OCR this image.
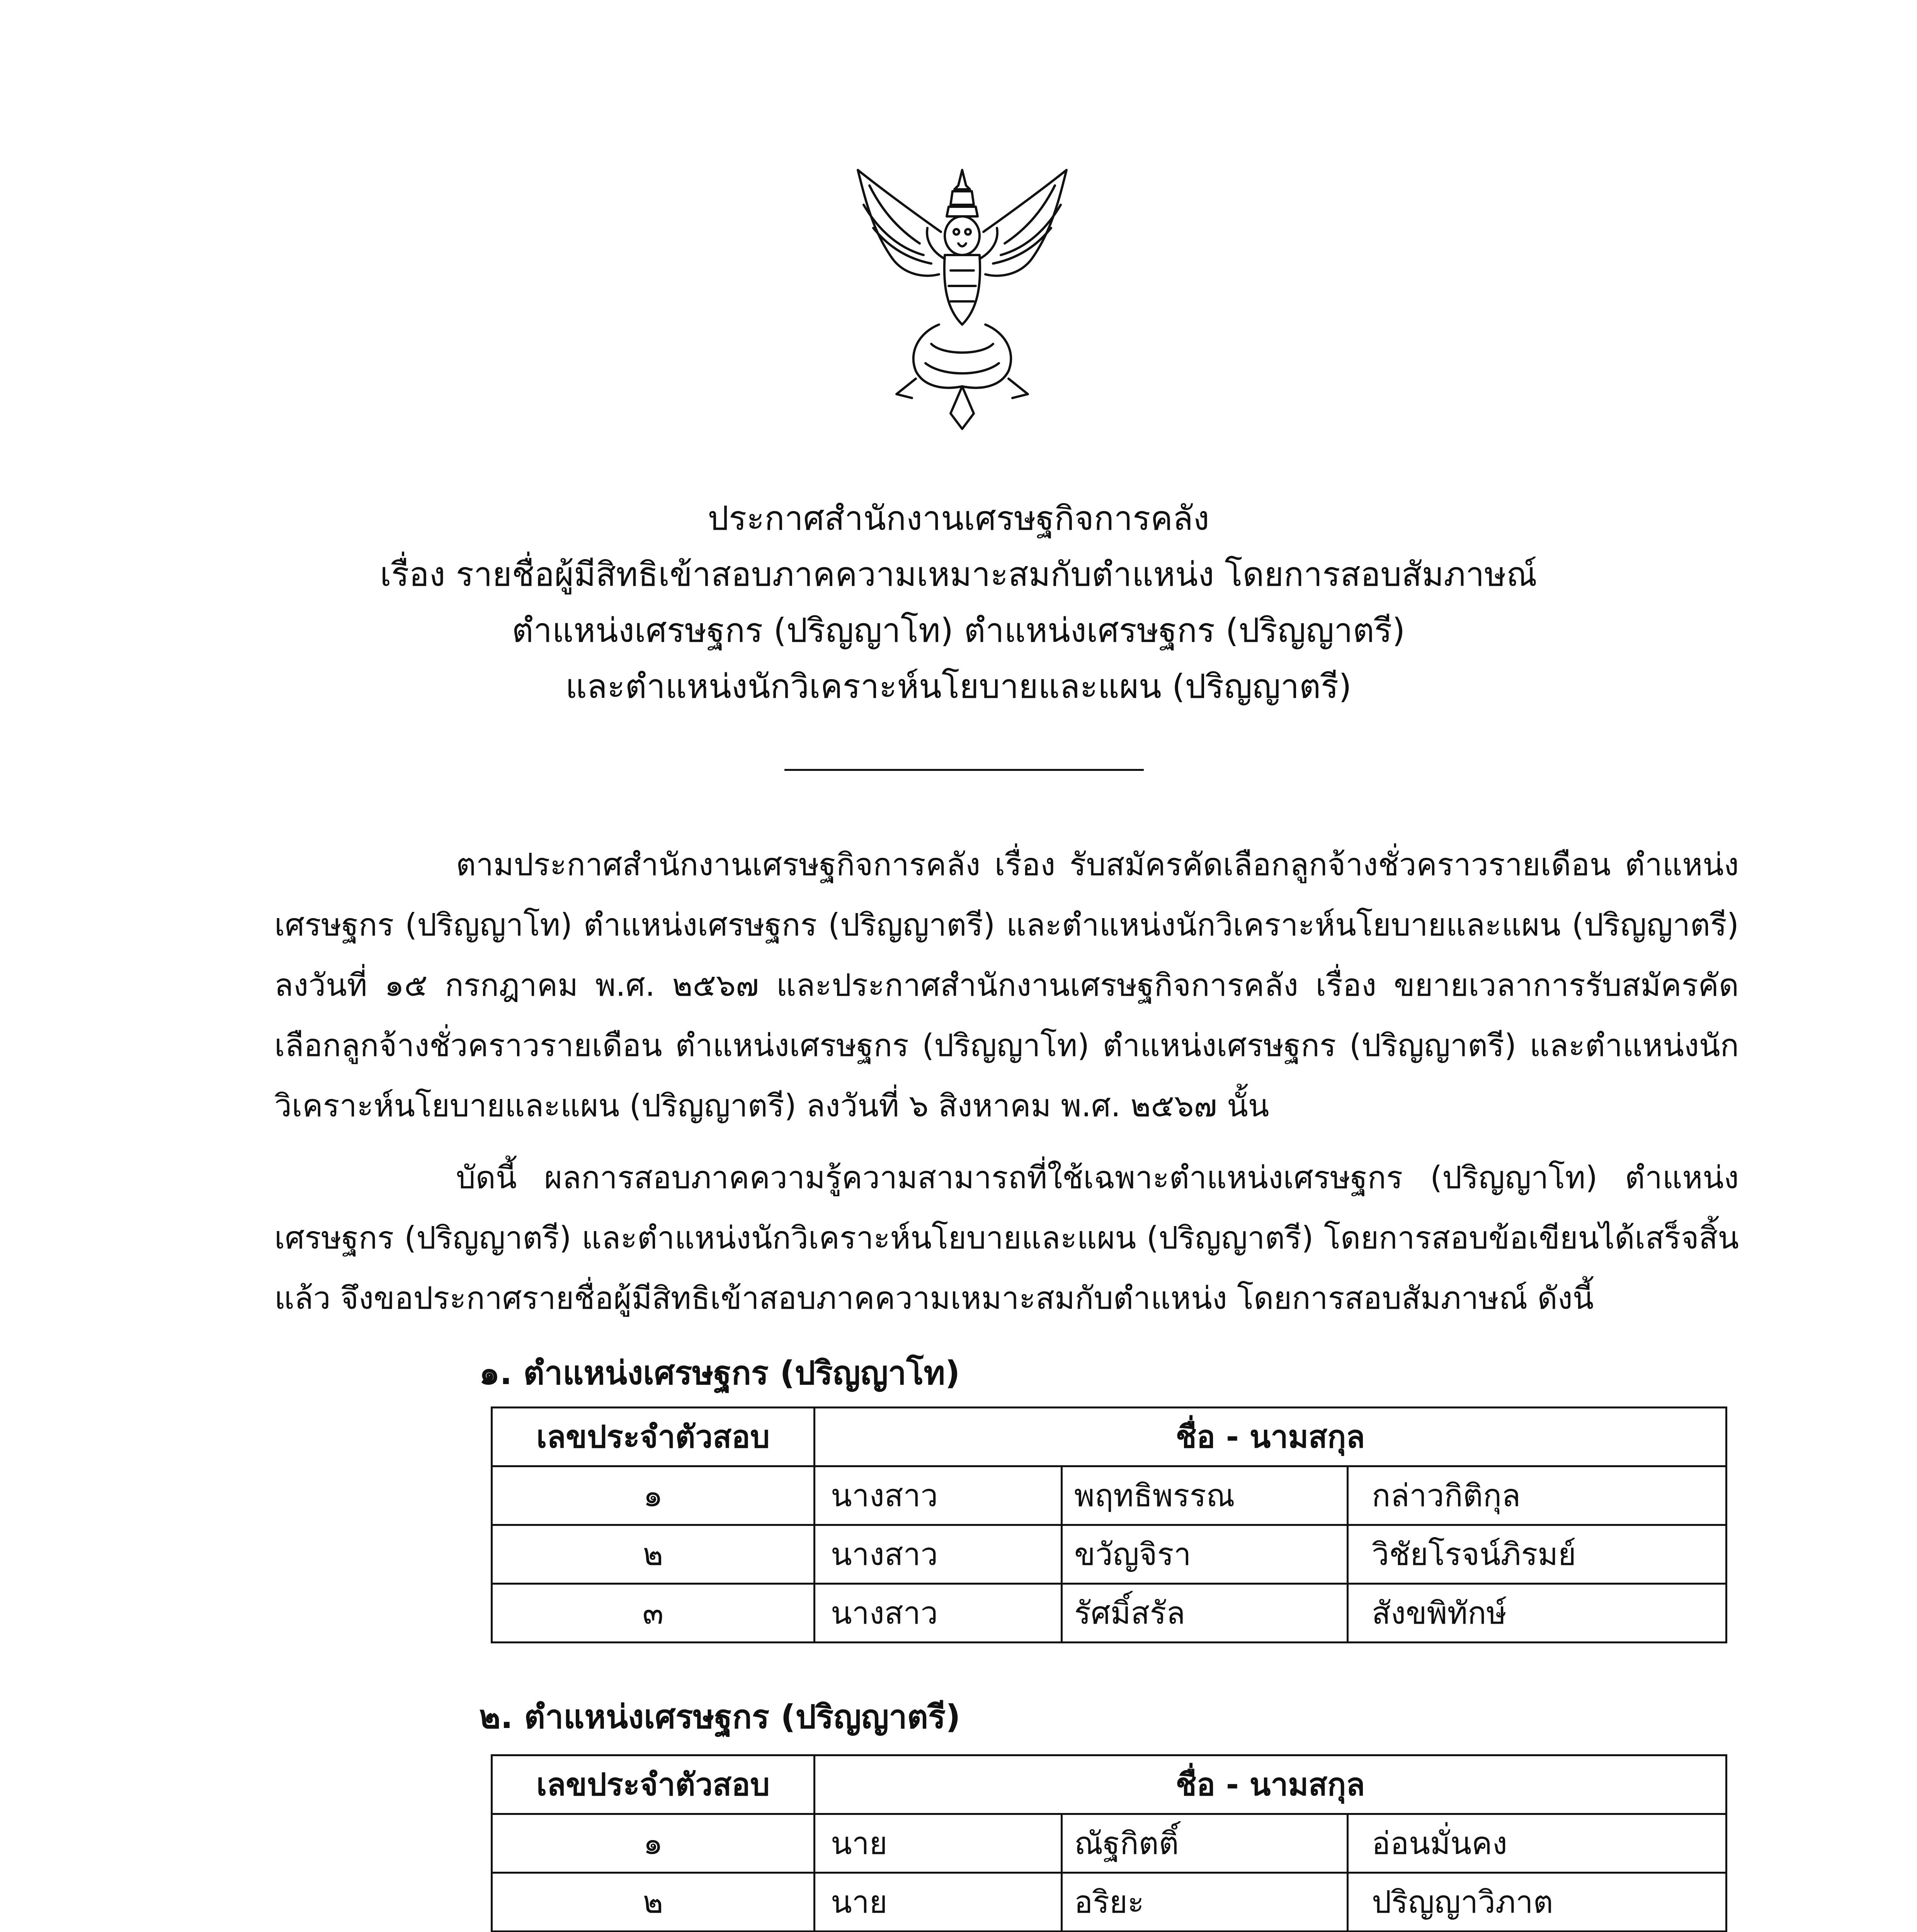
ประกาศสำนักงานเศรษฐกิจการคลัง
เรื่อง รายชื่อผู้มีสิทธิเข้าสอบภาคความเหมาะสมกับตำแหน่ง โดยการสอบสัมภาษณ์
ตำแหน่งเศรษฐกร (ปริญญาโท) ตำแหน่งเศรษฐกร (ปริญญาตรี)
และตำแหน่งนักวิเคราะห์นโยบายและแผน (ปริญญาตรี)

ตามประกาศสำนักงานเศรษฐกิจการคลัง เรื่อง รับสมัครคัดเลือกลูกจ้างชั่วคราวรายเดือน ตำแหน่งเศรษฐกร (ปริญญาโท) ตำแหน่งเศรษฐกร (ปริญญาตรี) และตำแหน่งนักวิเคราะห์นโยบายและแผน (ปริญญาตรี) ลงวันที่ ๑๕ กรกฎาคม พ.ศ. ๒๕๖๗ และประกาศสำนักงานเศรษฐกิจการคลัง เรื่อง ขยายเวลาการรับสมัครคัดเลือกลูกจ้างชั่วคราวรายเดือน ตำแหน่งเศรษฐกร (ปริญญาโท) ตำแหน่งเศรษฐกร (ปริญญาตรี) และตำแหน่งนักวิเคราะห์นโยบายและแผน (ปริญญาตรี) ลงวันที่ ๖ สิงหาคม พ.ศ. ๒๕๖๗ นั้น

บัดนี้ ผลการสอบภาคความรู้ความสามารถที่ใช้เฉพาะตำแหน่งเศรษฐกร (ปริญญาโท) ตำแหน่งเศรษฐกร (ปริญญาตรี) และตำแหน่งนักวิเคราะห์นโยบายและแผน (ปริญญาตรี) โดยการสอบข้อเขียนได้เสร็จสิ้นแล้ว จึงขอประกาศรายชื่อผู้มีสิทธิเข้าสอบภาคความเหมาะสมกับตำแหน่ง โดยการสอบสัมภาษณ์ ดังนี้

๑. ตำแหน่งเศรษฐกร (ปริญญาโท)
เลขประจำตัวสอบ	ชื่อ - นามสกุล
๑	นางสาว พฤทธิพรรณ กล่าวกิติกุล

๒	นางสาว ขวัญจิรา วิชัยโรจน์ภิรมย์

๓	นางสาว รัศมิ์สรัล สังขพิทักษ์
๒. ตำแหน่งเศรษฐกร (ปริญญาตรี)
เลขประจำตัวสอบ	ชื่อ - นามสกุล
๑	นาย ณัฐกิตติ์ อ่อนมั่นคง

๒	นาย อริยะ ปริญญาวิภาต
